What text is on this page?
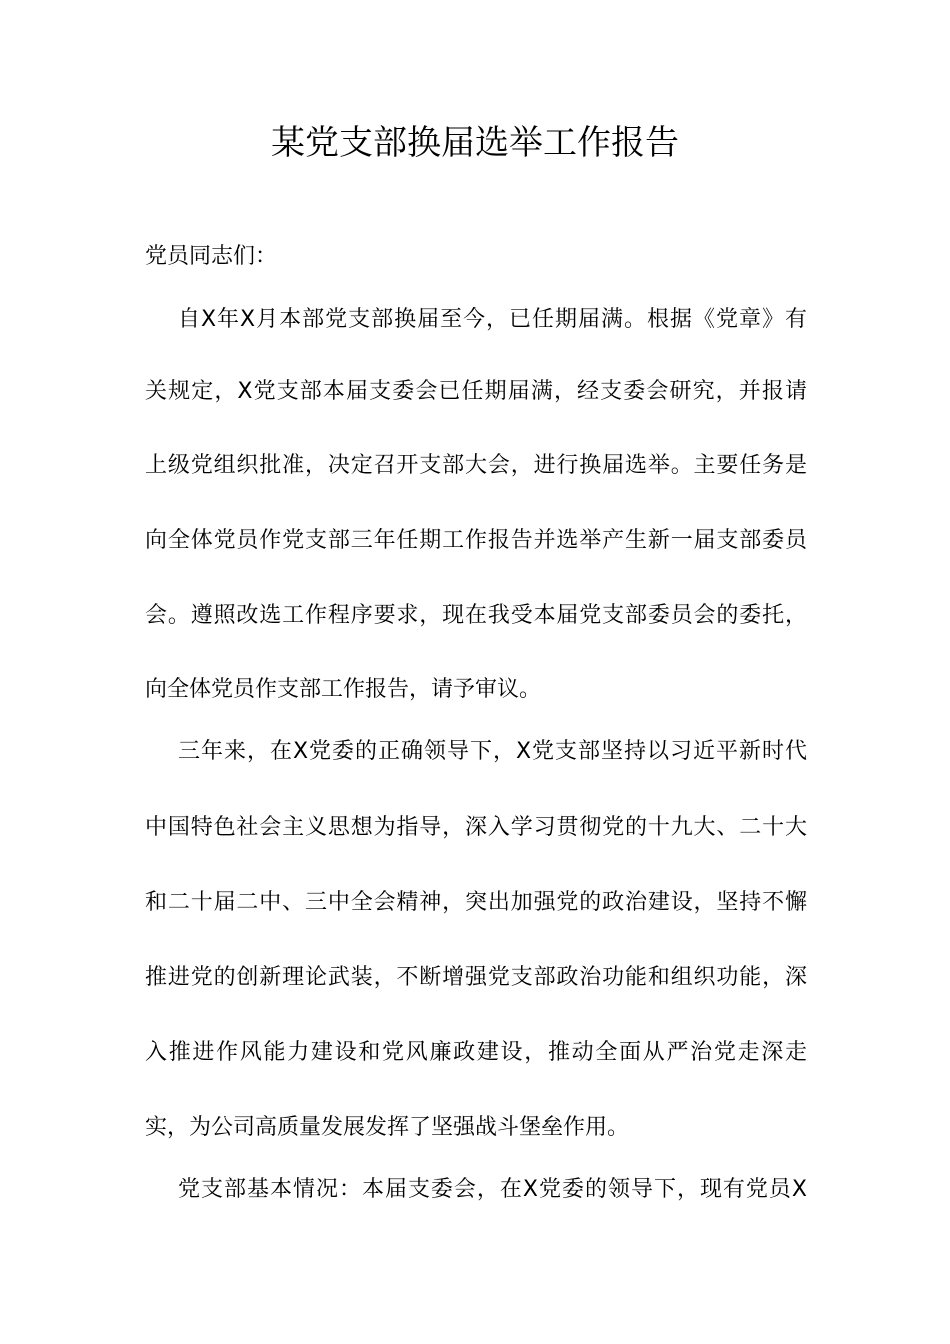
某党支部换届选举工作报告
党员同志们：
自X年X月本部党支部换届至今，已任期届满。根据《党章》有
关规定，X党支部本届支委会已任期届满，经支委会研究，并报请
上级党组织批准，决定召开支部大会，进行换届选举。主要任务是
向全体党员作党支部三年任期工作报告并选举产生新一届支部委员
会。遵照改选工作程序要求，现在我受本届党支部委员会的委托，
向全体党员作支部工作报告，请予审议。
三年来，在X党委的正确领导下，X党支部坚持以习近平新时代
中国特色社会主义思想为指导，深入学习贯彻党的十九大、二十大
和二十届二中、三中全会精神，突出加强党的政治建设，坚持不懈
推进党的创新理论武装，不断增强党支部政治功能和组织功能，深
入推进作风能力建设和党风廉政建设，推动全面从严治党走深走
实，为公司高质量发展发挥了坚强战斗堡垒作用。
党支部基本情况：本届支委会，在X党委的领导下，现有党员X
